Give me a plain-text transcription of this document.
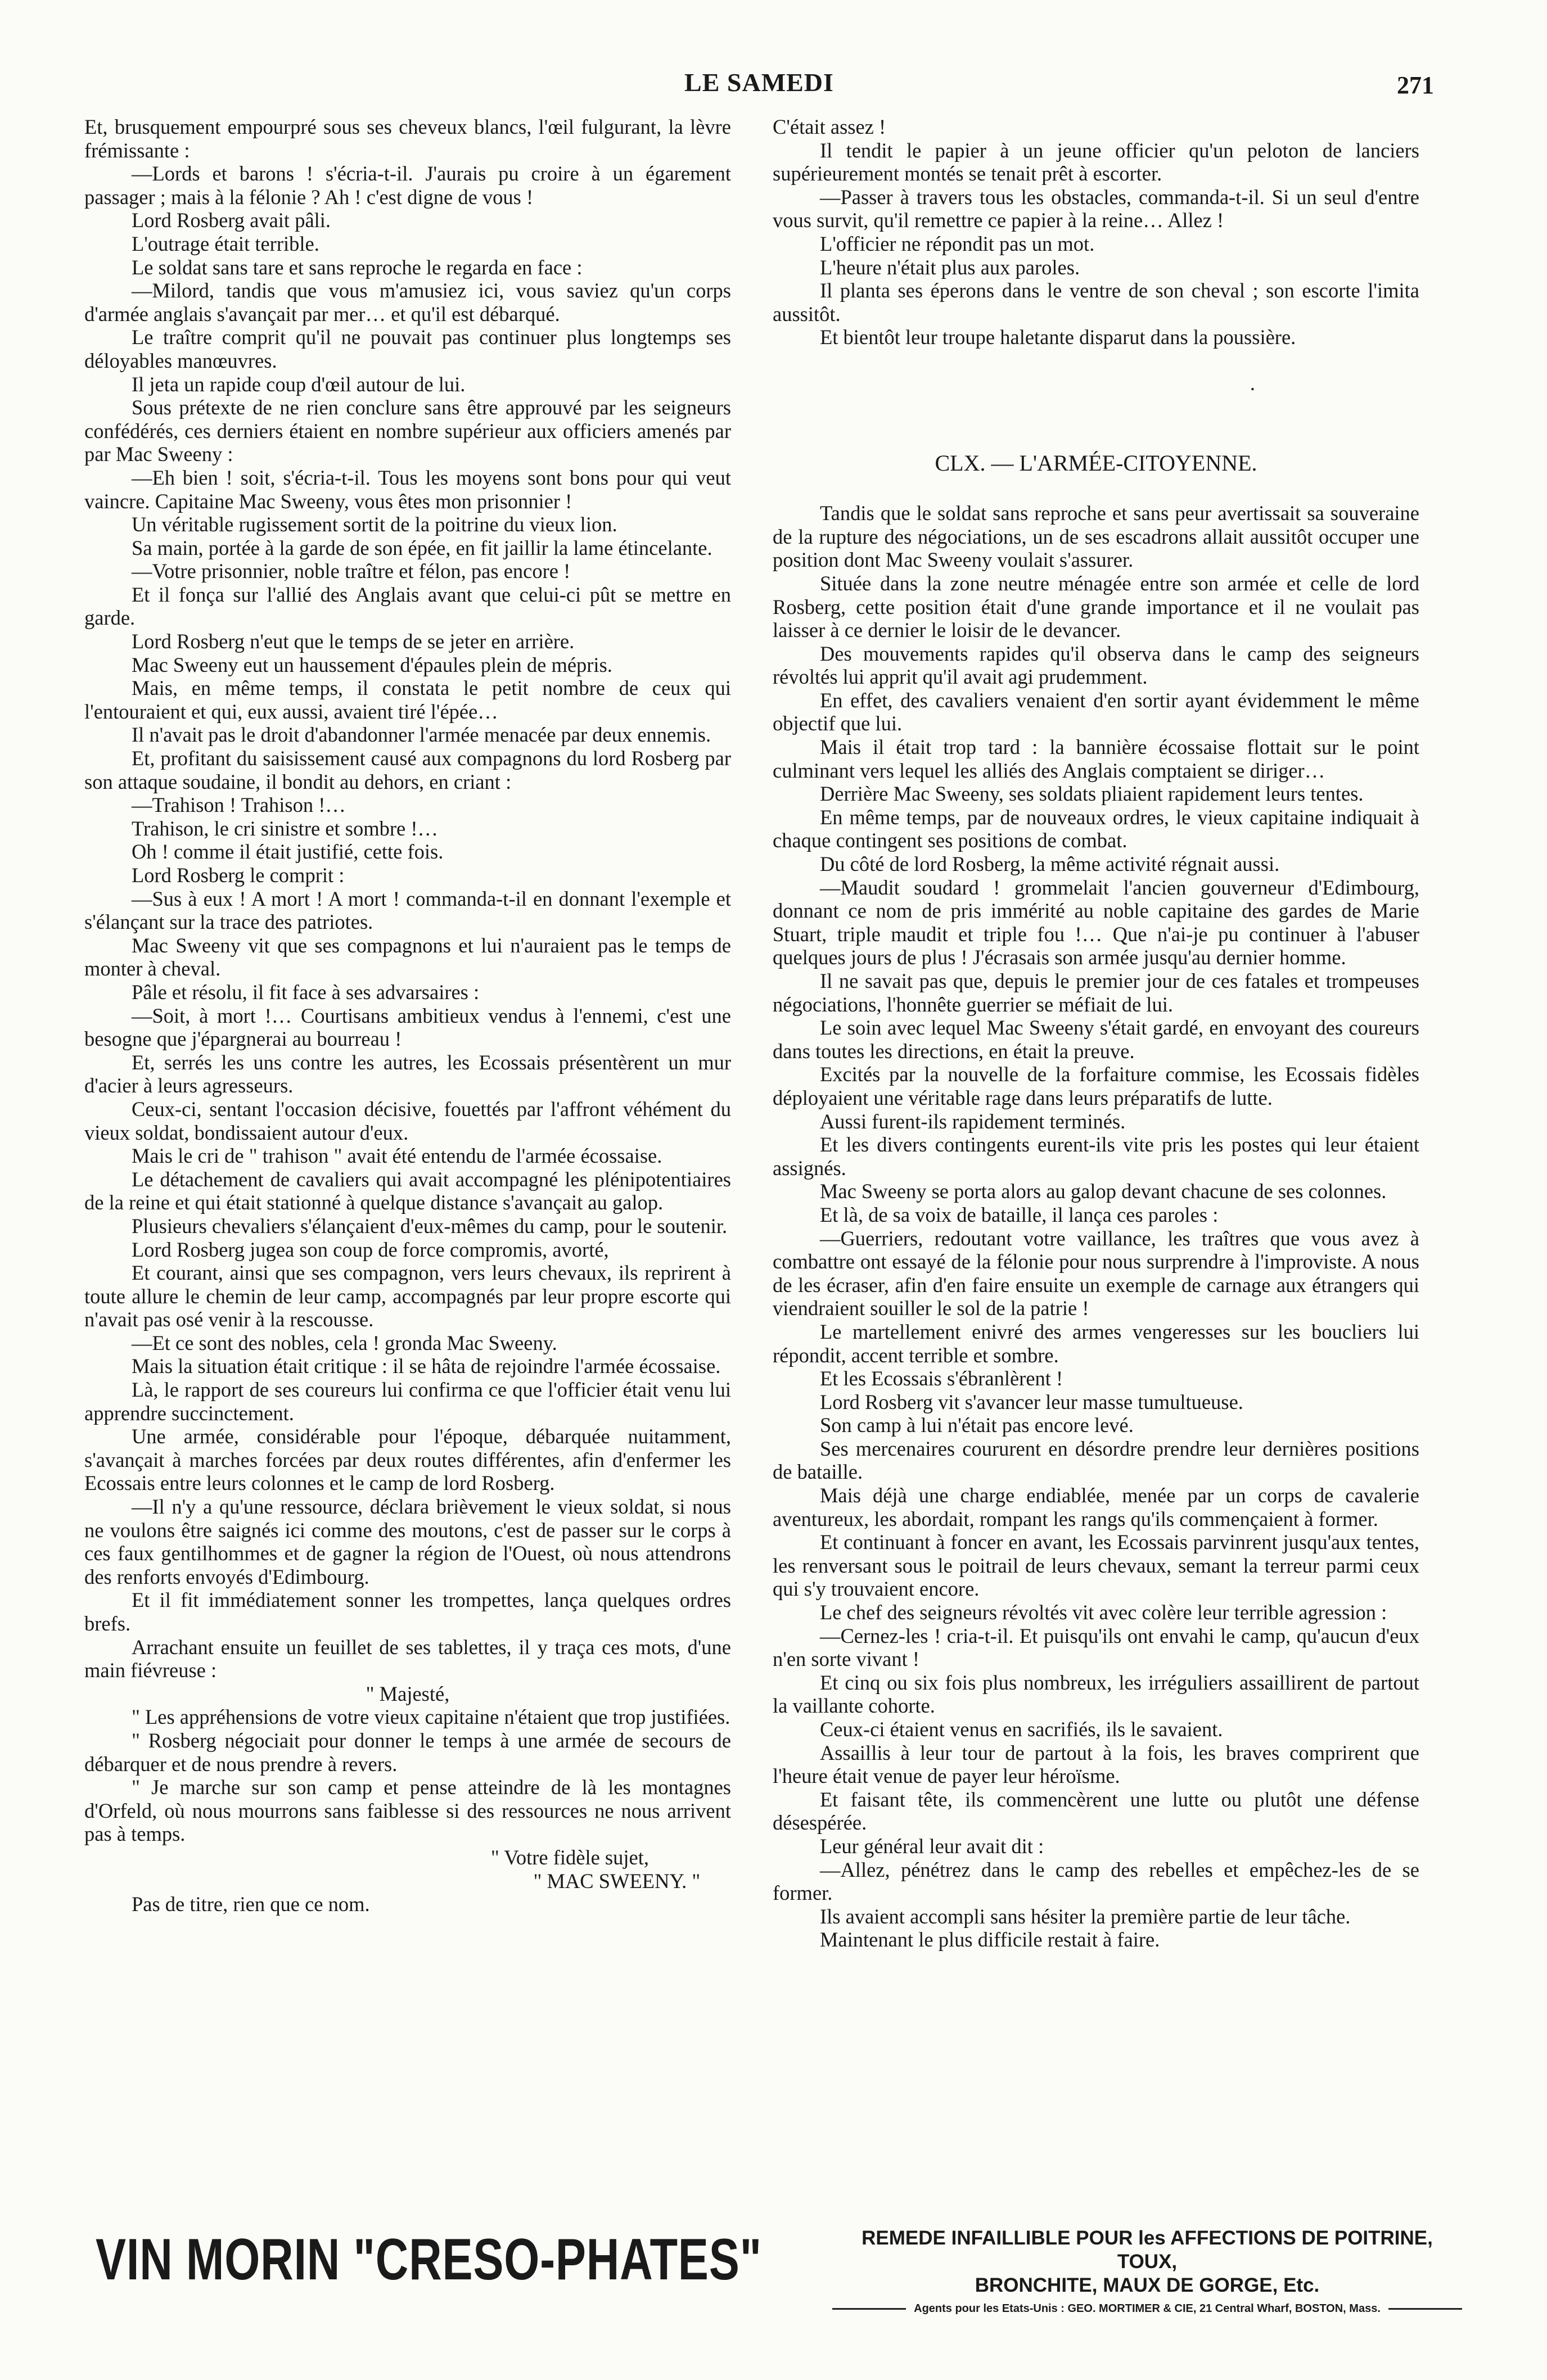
LE SAMEDI	271

Et, brusquement empourpré sous ses cheveux blancs, l'œil fulgurant, la lèvre frémissante :

—Lords et barons ! s'écria-t-il. J'aurais pu croire à un égarement passager ; mais à la félonie ? Ah ! c'est digne de vous !

Lord Rosberg avait pâli.

L'outrage était terrible.

Le soldat sans tare et sans reproche le regarda en face :

—Milord, tandis que vous m'amusiez ici, vous saviez qu'un corps d'armée anglais s'avançait par mer… et qu'il est débarqué.

Le traître comprit qu'il ne pouvait pas continuer plus longtemps ses déloyables manœuvres.

Il jeta un rapide coup d'œil autour de lui.

Sous prétexte de ne rien conclure sans être approuvé par les seigneurs confédérés, ces derniers étaient en nombre supérieur aux officiers amenés par par Mac Sweeny :

—Eh bien ! soit, s'écria-t-il. Tous les moyens sont bons pour qui veut vaincre. Capitaine Mac Sweeny, vous êtes mon prisonnier !

Un véritable rugissement sortit de la poitrine du vieux lion.

Sa main, portée à la garde de son épée, en fit jaillir la lame étincelante.

—Votre prisonnier, noble traître et félon, pas encore !

Et il fonça sur l'allié des Anglais avant que celui-ci pût se mettre en garde.

Lord Rosberg n'eut que le temps de se jeter en arrière.

Mac Sweeny eut un haussement d'épaules plein de mépris.

Mais, en même temps, il constata le petit nombre de ceux qui l'entouraient et qui, eux aussi, avaient tiré l'épée…

Il n'avait pas le droit d'abandonner l'armée menacée par deux ennemis.

Et, profitant du saisissement causé aux compagnons du lord Rosberg par son attaque soudaine, il bondit au dehors, en criant :

—Trahison ! Trahison !…

Trahison, le cri sinistre et sombre !…

Oh ! comme il était justifié, cette fois.

Lord Rosberg le comprit :

—Sus à eux ! A mort ! A mort ! commanda-t-il en donnant l'exemple et s'élançant sur la trace des patriotes.

Mac Sweeny vit que ses compagnons et lui n'auraient pas le temps de monter à cheval.

Pâle et résolu, il fit face à ses advarsaires :

—Soit, à mort !… Courtisans ambitieux vendus à l'ennemi, c'est une besogne que j'épargnerai au bourreau !

Et, serrés les uns contre les autres, les Ecossais présentèrent un mur d'acier à leurs agresseurs.

Ceux-ci, sentant l'occasion décisive, fouettés par l'affront véhément du vieux soldat, bondissaient autour d'eux.

Mais le cri de " trahison " avait été entendu de l'armée écossaise.

Le détachement de cavaliers qui avait accompagné les plénipotentiaires de la reine et qui était stationné à quelque distance s'avançait au galop.

Plusieurs chevaliers s'élançaient d'eux-mêmes du camp, pour le soutenir.

Lord Rosberg jugea son coup de force compromis, avorté,

Et courant, ainsi que ses compagnon, vers leurs chevaux, ils reprirent à toute allure le chemin de leur camp, accompagnés par leur propre escorte qui n'avait pas osé venir à la rescousse.

—Et ce sont des nobles, cela ! gronda Mac Sweeny.

Mais la situation était critique : il se hâta de rejoindre l'armée écossaise.

Là, le rapport de ses coureurs lui confirma ce que l'officier était venu lui apprendre succinctement.

Une armée, considérable pour l'époque, débarquée nuitamment, s'avançait à marches forcées par deux routes différentes, afin d'enfermer les Ecossais entre leurs colonnes et le camp de lord Rosberg.

—Il n'y a qu'une ressource, déclara brièvement le vieux soldat, si nous ne voulons être saignés ici comme des moutons, c'est de passer sur le corps à ces faux gentilhommes et de gagner la région de l'Ouest, où nous attendrons des renforts envoyés d'Edimbourg.

Et il fit immédiatement sonner les trompettes, lança quelques ordres brefs.

Arrachant ensuite un feuillet de ses tablettes, il y traça ces mots, d'une main fiévreuse :

" Majesté,

" Les appréhensions de votre vieux capitaine n'étaient que trop justifiées.

" Rosberg négociait pour donner le temps à une armée de secours de débarquer et de nous prendre à revers.

" Je marche sur son camp et pense atteindre de là les montagnes d'Orfeld, où nous mourrons sans faiblesse si des ressources ne nous arrivent pas à temps.

" Votre fidèle sujet,

" MAC SWEENY. "

Pas de titre, rien que ce nom.

C'était assez !

Il tendit le papier à un jeune officier qu'un peloton de lanciers supérieurement montés se tenait prêt à escorter.

—Passer à travers tous les obstacles, commanda-t-il. Si un seul d'entre vous survit, qu'il remettre ce papier à la reine… Allez !

L'officier ne répondit pas un mot.

L'heure n'était plus aux paroles.

Il planta ses éperons dans le ventre de son cheval ; son escorte l'imita aussitôt.

Et bientôt leur troupe haletante disparut dans la poussière.

.

CLX. — L'ARMÉE-CITOYENNE.

Tandis que le soldat sans reproche et sans peur avertissait sa souveraine de la rupture des négociations, un de ses escadrons allait aussitôt occuper une position dont Mac Sweeny voulait s'assurer.

Située dans la zone neutre ménagée entre son armée et celle de lord Rosberg, cette position était d'une grande importance et il ne voulait pas laisser à ce dernier le loisir de le devancer.

Des mouvements rapides qu'il observa dans le camp des seigneurs révoltés lui apprit qu'il avait agi prudemment.

En effet, des cavaliers venaient d'en sortir ayant évidemment le même objectif que lui.

Mais il était trop tard : la bannière écossaise flottait sur le point culminant vers lequel les alliés des Anglais comptaient se diriger…

Derrière Mac Sweeny, ses soldats pliaient rapidement leurs tentes.

En même temps, par de nouveaux ordres, le vieux capitaine indiquait à chaque contingent ses positions de combat.

Du côté de lord Rosberg, la même activité régnait aussi.

—Maudit soudard ! grommelait l'ancien gouverneur d'Edimbourg, donnant ce nom de pris immérité au noble capitaine des gardes de Marie Stuart, triple maudit et triple fou !… Que n'ai-je pu continuer à l'abuser quelques jours de plus ! J'écrasais son armée jusqu'au dernier homme.

Il ne savait pas que, depuis le premier jour de ces fatales et trompeuses négociations, l'honnête guerrier se méfiait de lui.

Le soin avec lequel Mac Sweeny s'était gardé, en envoyant des coureurs dans toutes les directions, en était la preuve.

Excités par la nouvelle de la forfaiture commise, les Ecossais fidèles déployaient une véritable rage dans leurs préparatifs de lutte.

Aussi furent-ils rapidement terminés.

Et les divers contingents eurent-ils vite pris les postes qui leur étaient assignés.

Mac Sweeny se porta alors au galop devant chacune de ses colonnes.

Et là, de sa voix de bataille, il lança ces paroles :

—Guerriers, redoutant votre vaillance, les traîtres que vous avez à combattre ont essayé de la félonie pour nous surprendre à l'improviste. A nous de les écraser, afin d'en faire ensuite un exemple de carnage aux étrangers qui viendraient souiller le sol de la patrie !

Le martellement enivré des armes vengeresses sur les boucliers lui répondit, accent terrible et sombre.

Et les Ecossais s'ébranlèrent !

Lord Rosberg vit s'avancer leur masse tumultueuse.

Son camp à lui n'était pas encore levé.

Ses mercenaires coururent en désordre prendre leur dernières positions de bataille.

Mais déjà une charge endiablée, menée par un corps de cavalerie aventureux, les abordait, rompant les rangs qu'ils commençaient à former.

Et continuant à foncer en avant, les Ecossais parvinrent jusqu'aux tentes, les renversant sous le poitrail de leurs chevaux, semant la terreur parmi ceux qui s'y trouvaient encore.

Le chef des seigneurs révoltés vit avec colère leur terrible agression :

—Cernez-les ! cria-t-il. Et puisqu'ils ont envahi le camp, qu'aucun d'eux n'en sorte vivant !

Et cinq ou six fois plus nombreux, les irréguliers assaillirent de partout la vaillante cohorte.

Ceux-ci étaient venus en sacrifiés, ils le savaient.

Assaillis à leur tour de partout à la fois, les braves comprirent que l'heure était venue de payer leur héroïsme.

Et faisant tête, ils commencèrent une lutte ou plutôt une défense désespérée.

Leur général leur avait dit :

—Allez, pénétrez dans le camp des rebelles et empêchez-les de se former.

Ils avaient accompli sans hésiter la première partie de leur tâche.

Maintenant le plus difficile restait à faire.

VIN MORIN "CRESO-PHATES"	REMEDE INFAILLIBLE POUR les AFFECTIONS DE POITRINE, TOUX,
BRONCHITE, MAUX DE GORGE, Etc.
Agents pour les Etats-Unis : GEO. MORTIMER & CIE, 21 Central Wharf, BOSTON, Mass.
